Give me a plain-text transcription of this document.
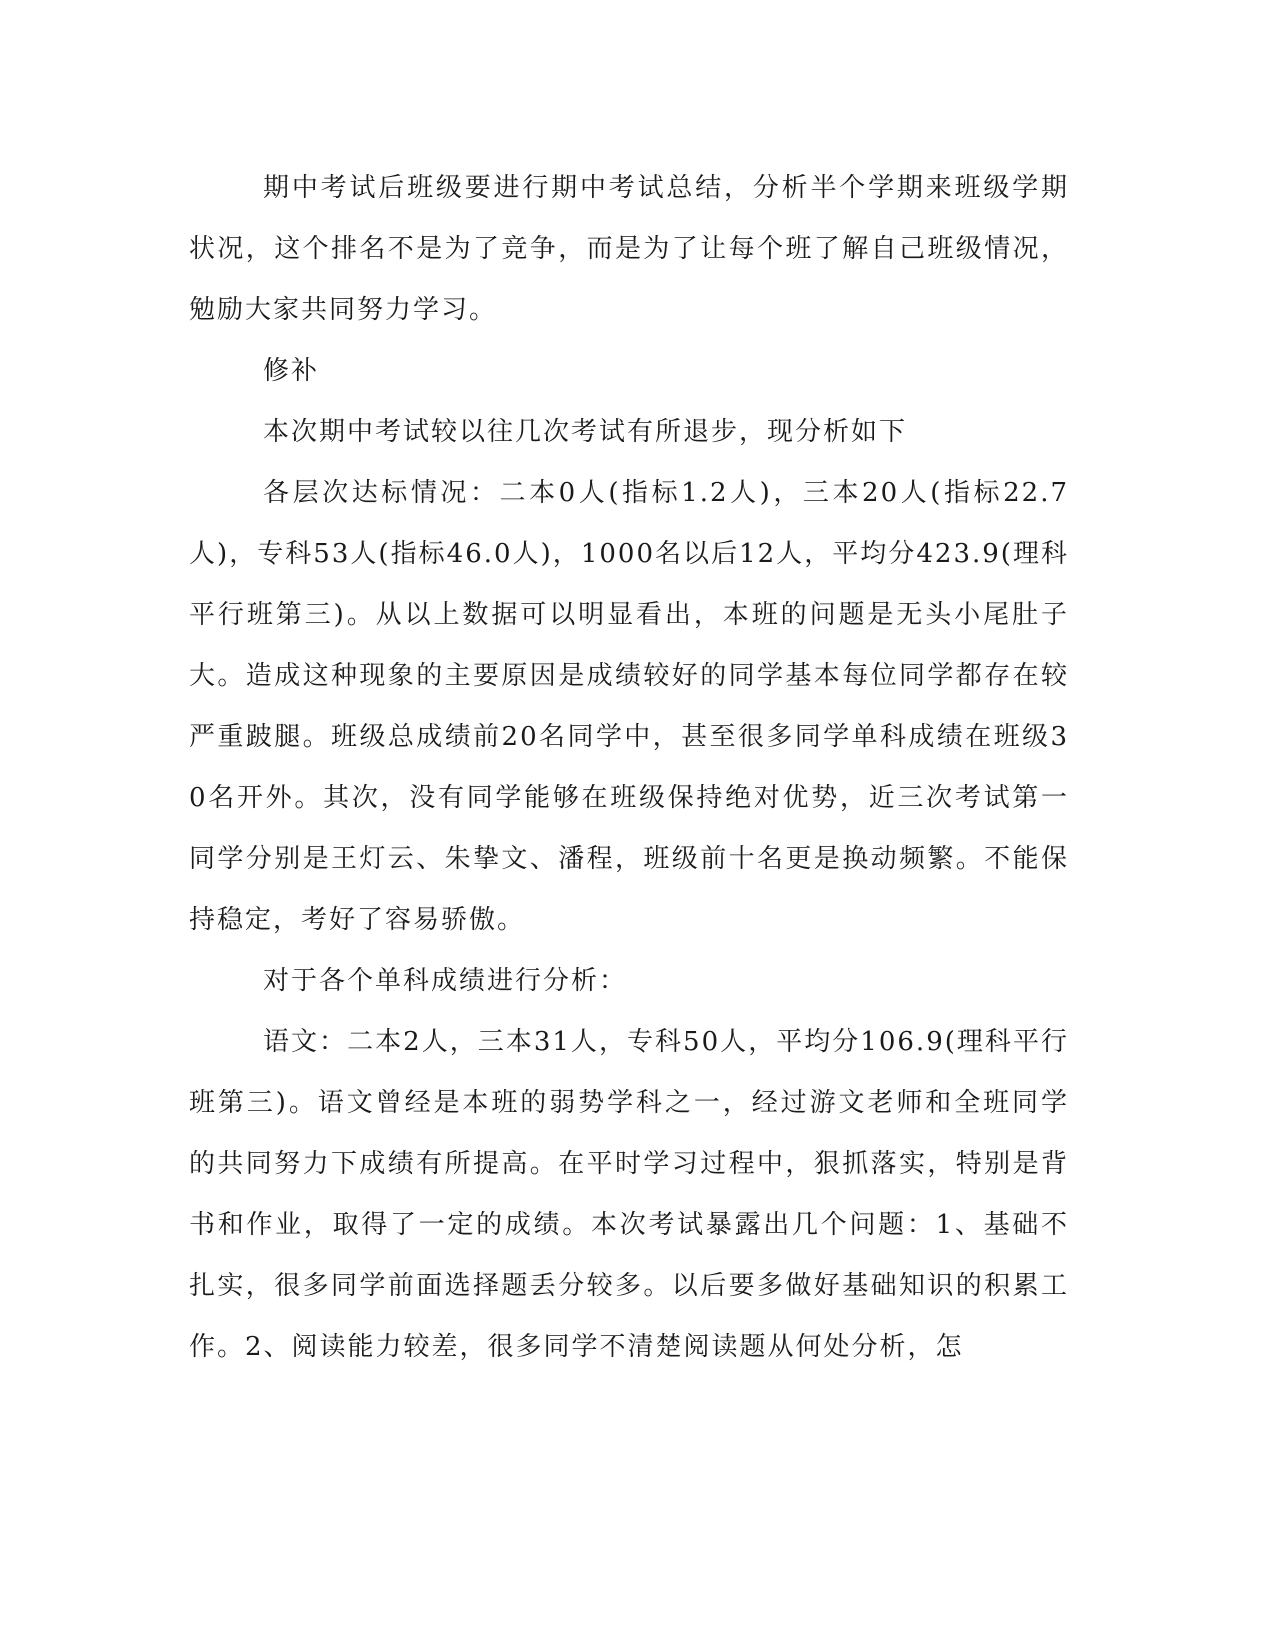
期中考试后班级要进行期中考试总结，分析半个学期来班级学期状况，这个排名不是为了竞争，而是为了让每个班了解自己班级情况，勉励大家共同努力学习。

修补

本次期中考试较以往几次考试有所退步，现分析如下

各层次达标情况：二本0人(指标1.2人)，三本20人(指标22.7人)，专科53人(指标46.0人)，1000名以后12人，平均分423.9(理科平行班第三)。从以上数据可以明显看出，本班的问题是无头小尾肚子大。造成这种现象的主要原因是成绩较好的同学基本每位同学都存在较严重跛腿。班级总成绩前20名同学中，甚至很多同学单科成绩在班级30名开外。其次，没有同学能够在班级保持绝对优势，近三次考试第一同学分别是王灯云、朱挚文、潘程，班级前十名更是换动频繁。不能保持稳定，考好了容易骄傲。

对于各个单科成绩进行分析：

语文：二本2人，三本31人，专科50人，平均分106.9(理科平行班第三)。语文曾经是本班的弱势学科之一，经过游文老师和全班同学的共同努力下成绩有所提高。在平时学习过程中，狠抓落实，特别是背书和作业，取得了一定的成绩。本次考试暴露出几个问题：1、基础不扎实，很多同学前面选择题丢分较多。以后要多做好基础知识的积累工作。2、阅读能力较差，很多同学不清楚阅读题从何处分析，怎
